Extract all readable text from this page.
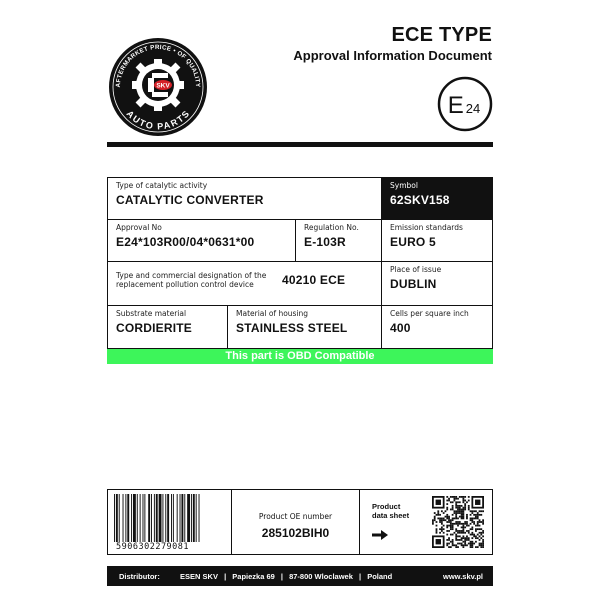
AFTERMARKET PRICE • OF QUALITY
AUTO PARTS
SKV
ECE TYPE
Approval Information Document
E 24
Type of catalytic activity
CATALYTIC CONVERTER
Symbol
62SKV158
Approval No
E24*103R00/04*0631*00
Regulation No.
E-103R
Emission standards
EURO 5
Type and commercial designation of the
replacement pollution control device	40210 ECE
Place of issue
DUBLIN
Substrate material
CORDIERITE
Material of housing
STAINLESS STEEL
Cells per square inch
400
This part is OBD Compatible
5906302279081
Product OE number
285102BIH0
Product
data sheet
Distributor:	ESEN SKV | Papiezka 69 | 87-800 Wloclawek | Poland	www.skv.pl
